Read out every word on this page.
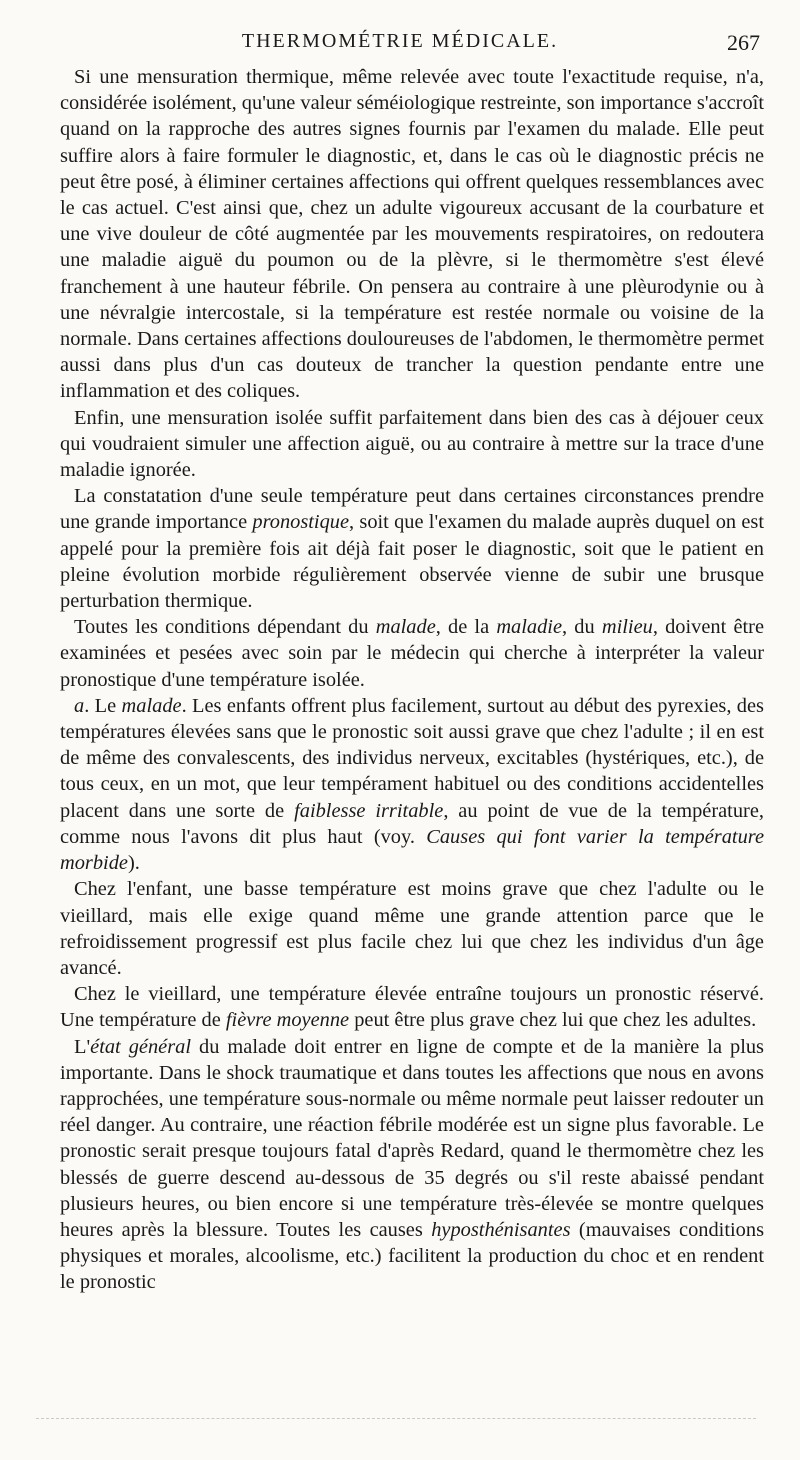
THERMOMÉTRIE MÉDICALE.	267

Si une mensuration thermique, même relevée avec toute l'exactitude requise, n'a, considérée isolément, qu'une valeur séméiologique restreinte, son importance s'accroît quand on la rapproche des autres signes fournis par l'examen du malade. Elle peut suffire alors à faire formuler le diagnostic, et, dans le cas où le diagnostic précis ne peut être posé, à éliminer certaines affections qui offrent quelques ressemblances avec le cas actuel. C'est ainsi que, chez un adulte vigoureux accusant de la courbature et une vive douleur de côté augmentée par les mouvements respiratoires, on redoutera une maladie aiguë du poumon ou de la plèvre, si le thermomètre s'est élevé franchement à une hauteur fébrile. On pensera au contraire à une plèurodynie ou à une névralgie intercostale, si la température est restée normale ou voisine de la normale. Dans certaines affections douloureuses de l'abdomen, le thermomètre permet aussi dans plus d'un cas douteux de trancher la question pendante entre une inflammation et des coliques.

Enfin, une mensuration isolée suffit parfaitement dans bien des cas à déjouer ceux qui voudraient simuler une affection aiguë, ou au contraire à mettre sur la trace d'une maladie ignorée.

La constatation d'une seule température peut dans certaines circonstances prendre une grande importance pronostique, soit que l'examen du malade auprès duquel on est appelé pour la première fois ait déjà fait poser le diagnostic, soit que le patient en pleine évolution morbide régulièrement observée vienne de subir une brusque perturbation thermique.

Toutes les conditions dépendant du malade, de la maladie, du milieu, doivent être examinées et pesées avec soin par le médecin qui cherche à interpréter la valeur pronostique d'une température isolée.

a. Le malade. Les enfants offrent plus facilement, surtout au début des pyrexies, des températures élevées sans que le pronostic soit aussi grave que chez l'adulte ; il en est de même des convalescents, des individus nerveux, excitables (hystériques, etc.), de tous ceux, en un mot, que leur tempérament habituel ou des conditions accidentelles placent dans une sorte de faiblesse irritable, au point de vue de la température, comme nous l'avons dit plus haut (voy. Causes qui font varier la température morbide).

Chez l'enfant, une basse température est moins grave que chez l'adulte ou le vieillard, mais elle exige quand même une grande attention parce que le refroidissement progressif est plus facile chez lui que chez les individus d'un âge avancé.

Chez le vieillard, une température élevée entraîne toujours un pronostic réservé. Une température de fièvre moyenne peut être plus grave chez lui que chez les adultes.

L'état général du malade doit entrer en ligne de compte et de la manière la plus importante. Dans le shock traumatique et dans toutes les affections que nous en avons rapprochées, une température sous-normale ou même normale peut laisser redouter un réel danger. Au contraire, une réaction fébrile modérée est un signe plus favorable. Le pronostic serait presque toujours fatal d'après Redard, quand le thermomètre chez les blessés de guerre descend au-dessous de 35 degrés ou s'il reste abaissé pendant plusieurs heures, ou bien encore si une température très-élevée se montre quelques heures après la blessure. Toutes les causes hyposthénisantes (mauvaises conditions physiques et morales, alcoolisme, etc.) facilitent la production du choc et en rendent le pronostic
